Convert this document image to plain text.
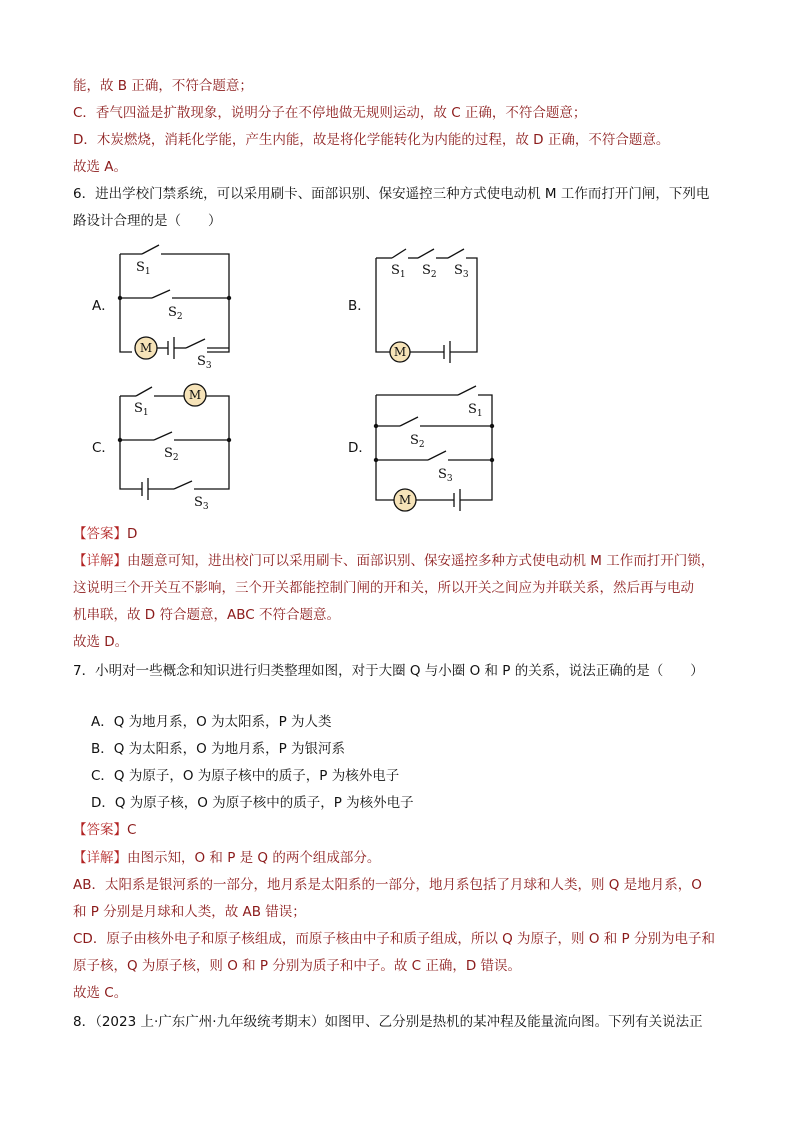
能，故 B 正确，不符合题意；
C．香气四溢是扩散现象，说明分子在不停地做无规则运动，故 C 正确，不符合题意；
D．木炭燃烧，消耗化学能，产生内能，故是将化学能转化为内能的过程，故 D 正确，不符合题意。
故选 A。
6．进出学校门禁系统，可以采用刷卡、面部识别、保安遥控三种方式使电动机 M 工作而打开门闸，下列电
路设计合理的是（　　）
A．	B．
C．	D．
M
$S_1$
$S_2$
$S_3$
M
$S_1$ $S_2$ $S_3$
M
$S_1$
$S_2$
$S_3$	M
$S_1$
$S_2$
$S_3$
【答案】D
【详解】由题意可知，进出校门可以采用刷卡、面部识别、保安遥控多种方式使电动机 M 工作而打开门锁，
这说明三个开关互不影响，三个开关都能控制门闸的开和关，所以开关之间应为并联关系，然后再与电动
机串联，故 D 符合题意，ABC 不符合题意。
故选 D。
7．小明对一些概念和知识进行归类整理如图，对于大圈 Q 与小圈 O 和 P 的关系，说法正确的是（　　）
A．Q 为地月系，O 为太阳系，P 为人类
B．Q 为太阳系，O 为地月系，P 为银河系
C．Q 为原子，O 为原子核中的质子，P 为核外电子
D．Q 为原子核，O 为原子核中的质子，P 为核外电子
【答案】C
【详解】由图示知，O 和 P 是 Q 的两个组成部分。
AB．太阳系是银河系的一部分，地月系是太阳系的一部分，地月系包括了月球和人类，则 Q 是地月系，O
和 P 分别是月球和人类，故 AB 错误；
CD．原子由核外电子和原子核组成，而原子核由中子和质子组成，所以 Q 为原子，则 O 和 P 分别为电子和
原子核，Q 为原子核，则 O 和 P 分别为质子和中子。故 C 正确，D 错误。
故选 C。
8．（2023 上·广东广州·九年级统考期末）如图甲、乙分别是热机的某冲程及能量流向图。下列有关说法正
